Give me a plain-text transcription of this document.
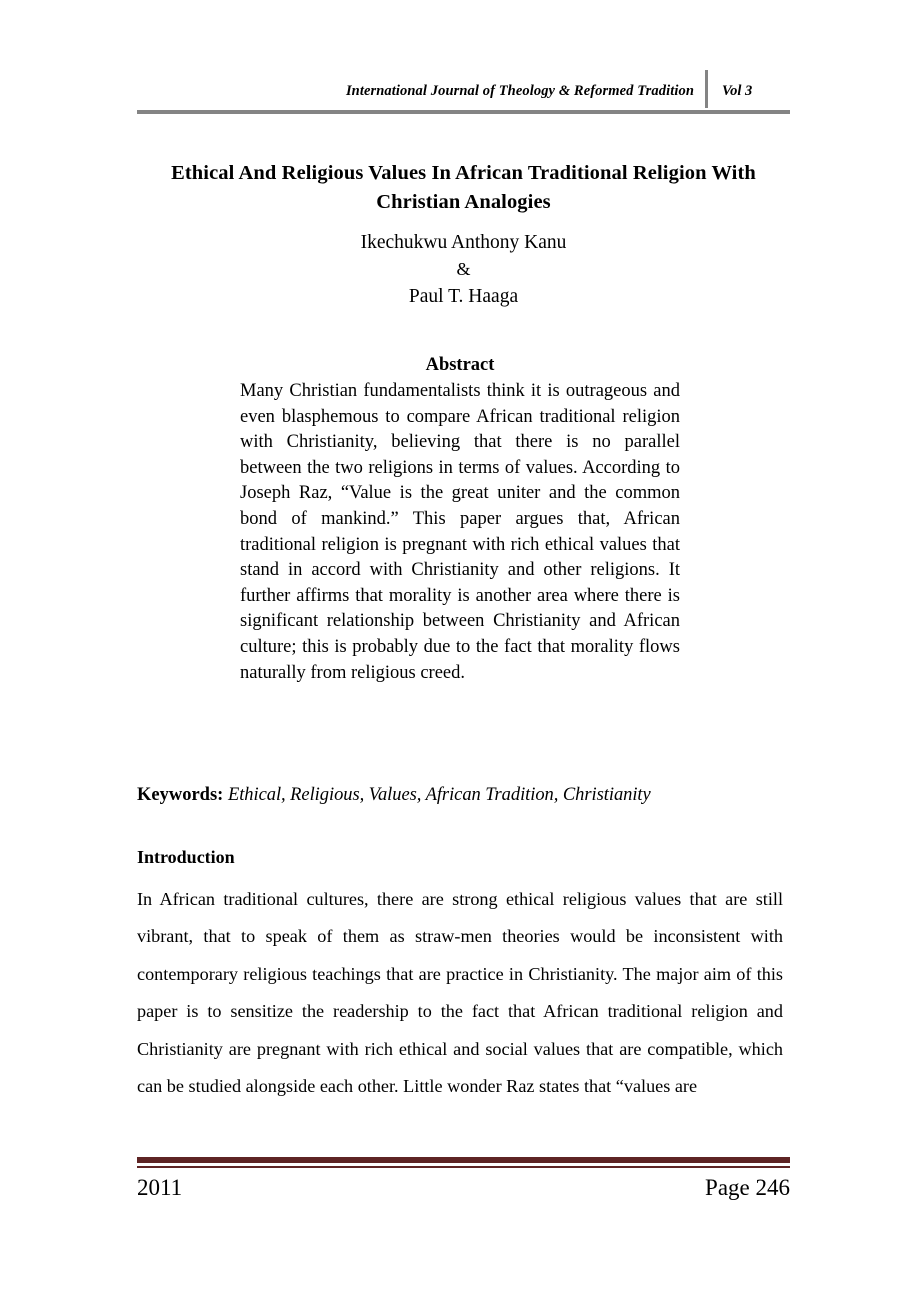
International Journal of Theology & Reformed Tradition	Vol 3
Ethical And Religious Values In African Traditional Religion With Christian Analogies
Ikechukwu Anthony Kanu
&
Paul T. Haaga
Abstract
Many Christian fundamentalists think it is outrageous and even blasphemous to compare African traditional religion with Christianity, believing that there is no parallel between the two religions in terms of values. According to Joseph Raz, “Value is the great uniter and the common bond of mankind.” This paper argues that, African traditional religion is pregnant with rich ethical values that stand in accord with Christianity and other religions. It further affirms that morality is another area where there is significant relationship between Christianity and African culture; this is probably due to the fact that morality flows naturally from religious creed.
Keywords: Ethical, Religious, Values, African Tradition, Christianity
Introduction
In African traditional cultures, there are strong ethical religious values that are still vibrant, that to speak of them as straw-men theories would be inconsistent with contemporary religious teachings that are practice in Christianity. The major aim of this paper is to sensitize the readership to the fact that African traditional religion and Christianity are pregnant with rich ethical and social values that are compatible, which can be studied alongside each other. Little wonder Raz states that “values are
2011	Page 246
